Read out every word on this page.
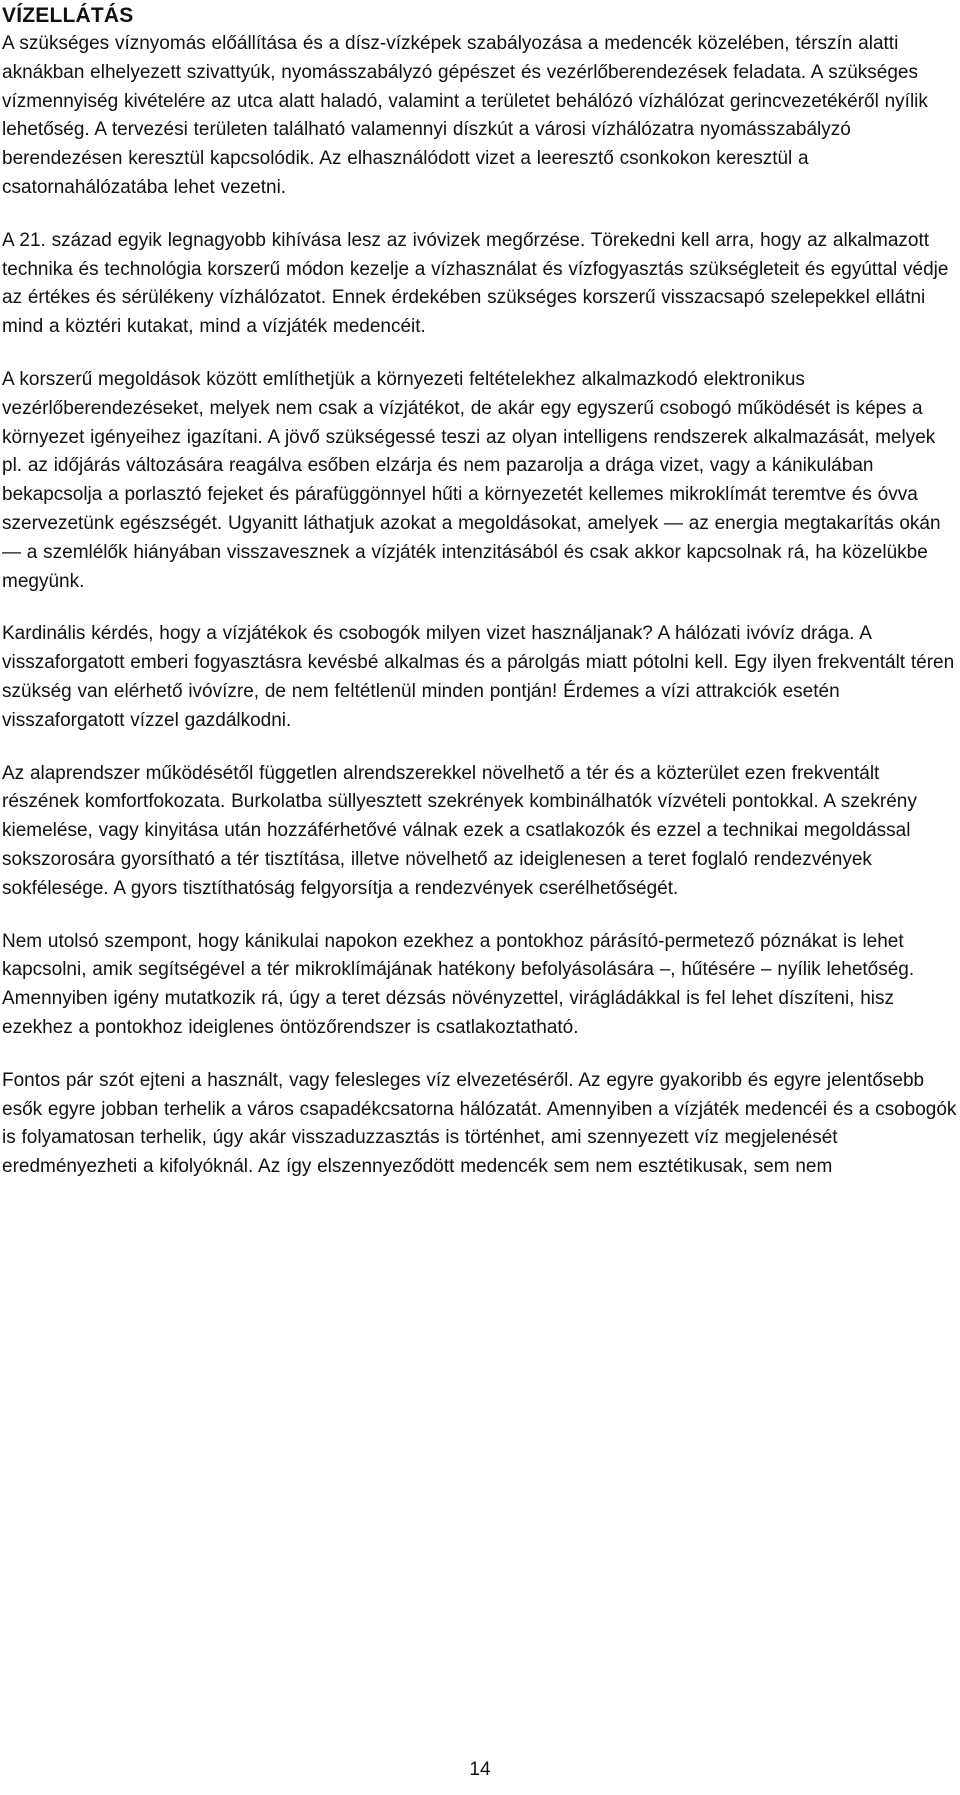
VÍZELLÁTÁS

A szükséges víznyomás előállítása és a dísz-vízképek szabályozása a medencék közelében, térszín alatti aknákban elhelyezett szivattyúk, nyomásszabályzó gépészet és vezérlőberendezések feladata. A szükséges vízmennyiség kivételére az utca alatt haladó, valamint a területet behálózó vízhálózat gerincvezetékéről nyílik lehetőség. A tervezési területen található valamennyi díszkút a városi vízhálózatra nyomásszabályzó berendezésen keresztül kapcsolódik. Az elhasználódott vizet a leeresztő csonkokon keresztül a csatornahálózatába lehet vezetni.

A 21. század egyik legnagyobb kihívása lesz az ivóvizek megőrzése. Törekedni kell arra, hogy az alkalmazott technika és technológia korszerű módon kezelje a vízhasználat és vízfogyasztás szükségleteit és egyúttal védje az értékes és sérülékeny vízhálózatot. Ennek érdekében szükséges korszerű visszacsapó szelepekkel ellátni mind a köztéri kutakat, mind a vízjáték medencéit.

A korszerű megoldások között említhetjük a környezeti feltételekhez alkalmazkodó elektronikus vezérlőberendezéseket, melyek nem csak a vízjátékot, de akár egy egyszerű csobogó működését is képes a környezet igényeihez igazítani. A jövő szükségessé teszi az olyan intelligens rendszerek alkalmazását, melyek pl. az időjárás változására reagálva esőben elzárja és nem pazarolja a drága vizet, vagy a kánikulában bekapcsolja a porlasztó fejeket és párafüggönnyel hűti a környezetét kellemes mikroklímát teremtve és óvva szervezetünk egészségét. Ugyanitt láthatjuk azokat a megoldásokat, amelyek — az energia megtakarítás okán — a szemlélők hiányában visszavesznek a vízjáték intenzitásából és csak akkor kapcsolnak rá, ha közelükbe megyünk.

Kardinális kérdés, hogy a vízjátékok és csobogók milyen vizet használjanak? A hálózati ivóvíz drága. A visszaforgatott emberi fogyasztásra kevésbé alkalmas és a párolgás miatt pótolni kell. Egy ilyen frekventált téren szükség van elérhető ivóvízre, de nem feltétlenül minden pontján! Érdemes a vízi attrakciók esetén visszaforgatott vízzel gazdálkodni.

Az alaprendszer működésétől független alrendszerekkel növelhető a tér és a közterület ezen frekventált részének komfortfokozata. Burkolatba süllyesztett szekrények kombinálhatók vízvételi pontokkal. A szekrény kiemelése, vagy kinyitása után hozzáférhetővé válnak ezek a csatlakozók és ezzel a technikai megoldással sokszorosára gyorsítható a tér tisztítása, illetve növelhető az ideiglenesen a teret foglaló rendezvények sokfélesége. A gyors tisztíthatóság felgyorsítja a rendezvények cserélhetőségét.

Nem utolsó szempont, hogy kánikulai napokon ezekhez a pontokhoz párásító-permetező póznákat is lehet kapcsolni, amik segítségével a tér mikroklímájának hatékony befolyásolására –, hűtésére – nyílik lehetőség. Amennyiben igény mutatkozik rá, úgy a teret dézsás növényzettel, virágládákkal is fel lehet díszíteni, hisz ezekhez a pontokhoz ideiglenes öntözőrendszer is csatlakoztatható.

Fontos pár szót ejteni a használt, vagy felesleges víz elvezetéséről. Az egyre gyakoribb és egyre jelentősebb esők egyre jobban terhelik a város csapadékcsatorna hálózatát. Amennyiben a vízjáték medencéi és a csobogók is folyamatosan terhelik, úgy akár visszaduzzasztás is történhet, ami szennyezett víz megjelenését eredményezheti a kifolyóknál. Az így elszennyeződött medencék sem nem esztétikusak, sem nem

14
